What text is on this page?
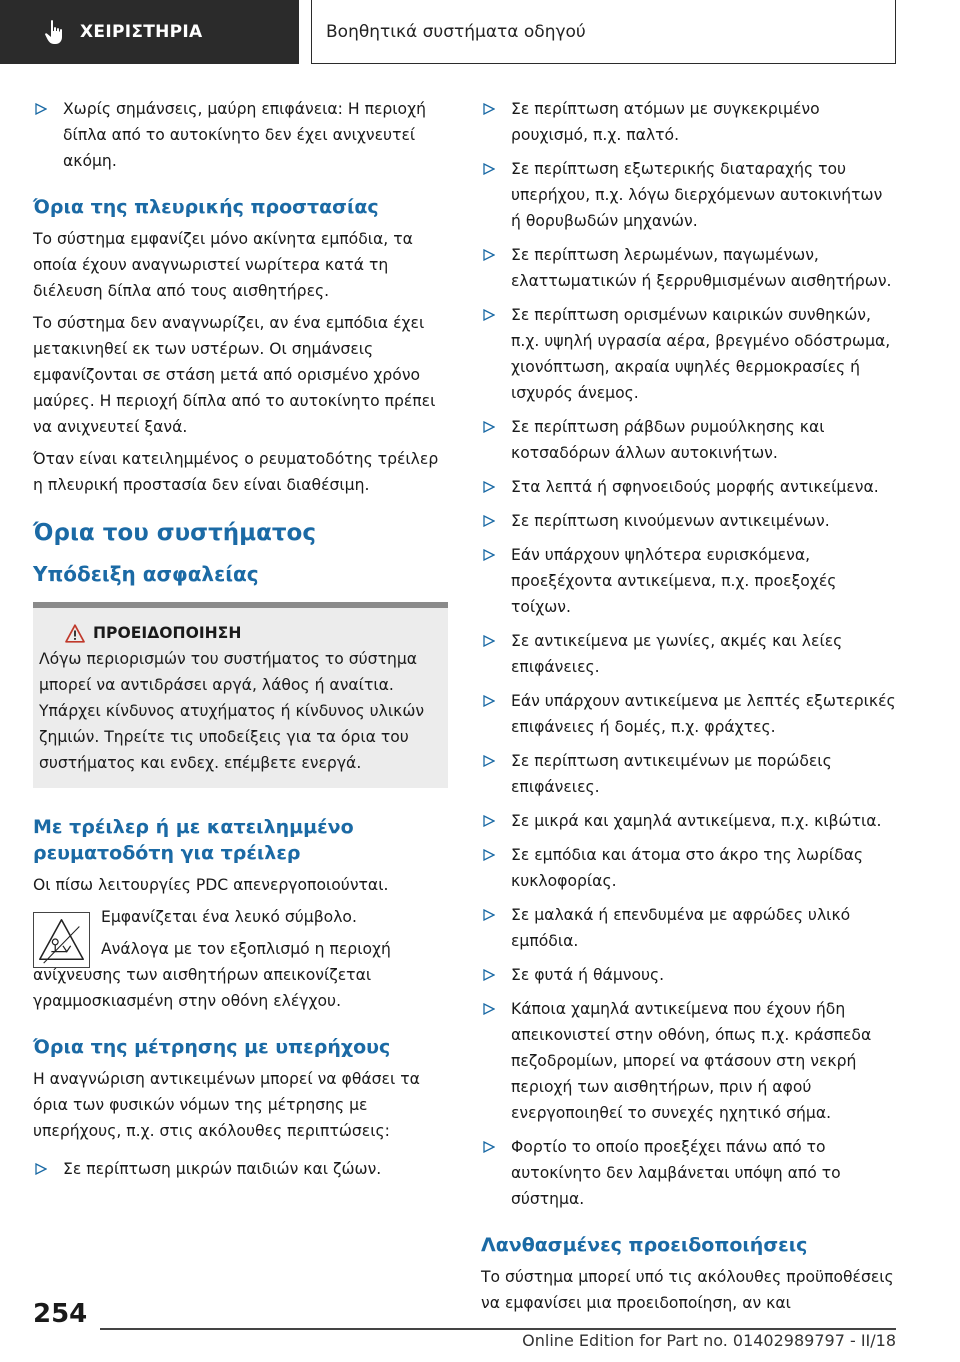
ΧΕΙΡΙΣΤΗΡΙΑ	Βοηθητικά συστήματα οδηγού
Χωρίς σημάνσεις, μαύρη επιφάνεια: Η περιοχή δίπλα από το αυτοκίνητο δεν έχει ανιχνευτεί ακόμη.
Όρια της πλευρικής προστασίας

Το σύστημα εμφανίζει μόνο ακίνητα εμπόδια, τα οποία έχουν αναγνωριστεί νωρίτερα κατά τη διέλευση δίπλα από τους αισθητήρες.

Το σύστημα δεν αναγνωρίζει, αν ένα εμπόδια έχει μετακινηθεί εκ των υστέρων. Οι σημάνσεις εμφανίζονται σε στάση μετά από ορισμένο χρόνο μαύρες. Η περιοχή δίπλα από το αυτοκίνητο πρέπει να ανιχνευτεί ξανά.

Όταν είναι κατειλημμένος ο ρευματοδότης τρέιλερ η πλευρική προστασία δεν είναι διαθέσιμη.

Όρια του συστήματος
Υπόδειξη ασφαλείας
ΠΡΟΕΙΔΟΠΟΙΗΣΗ

Λόγω περιορισμών του συστήματος το σύστημα μπορεί να αντιδράσει αργά, λάθος ή αναίτια. Υπάρχει κίνδυνος ατυχήματος ή κίνδυνος υλικών ζημιών. Τηρείτε τις υποδείξεις για τα όρια του συστήματος και ενδεχ. επέμβετε ενεργά.

Με τρέιλερ ή με κατειλημμένο ρευματοδότη για τρέιλερ

Οι πίσω λειτουργίες PDC απενεργοποιούνται.

Εμφανίζεται ένα λευκό σύμβολο.

Ανάλογα με τον εξοπλισμό η περιοχή ανίχνευσης των αισθητήρων απεικονίζεται γραμμοσκιασμένη στην οθόνη ελέγχου.

Όρια της μέτρησης με υπερήχους

Η αναγνώριση αντικειμένων μπορεί να φθάσει τα όρια των φυσικών νόμων της μέτρησης με υπερήχους, π.χ. στις ακόλουθες περιπτώσεις:

Σε περίπτωση μικρών παιδιών και ζώων.
Σε περίπτωση ατόμων με συγκεκριμένο ρουχισμό, π.χ. παλτό.
Σε περίπτωση εξωτερικής διαταραχής του υπερήχου, π.χ. λόγω διερχόμενων αυτοκινήτων ή θορυβωδών μηχανών.
Σε περίπτωση λερωμένων, παγωμένων, ελαττωματικών ή ξερρυθμισμένων αισθητήρων.
Σε περίπτωση ορισμένων καιρικών συνθηκών, π.χ. υψηλή υγρασία αέρα, βρεγμένο οδόστρωμα, χιονόπτωση, ακραία υψηλές θερμοκρασίες ή ισχυρός άνεμος.
Σε περίπτωση ράβδων ρυμούλκησης και κοτσαδόρων άλλων αυτοκινήτων.
Στα λεπτά ή σφηνοειδούς μορφής αντικείμενα.
Σε περίπτωση κινούμενων αντικειμένων.
Εάν υπάρχουν ψηλότερα ευρισκόμενα, προεξέχοντα αντικείμενα, π.χ. προεξοχές τοίχων.
Σε αντικείμενα με γωνίες, ακμές και λείες επιφάνειες.
Εάν υπάρχουν αντικείμενα με λεπτές εξωτερικές επιφάνειες ή δομές, π.χ. φράχτες.
Σε περίπτωση αντικειμένων με πορώδεις επιφάνειες.
Σε μικρά και χαμηλά αντικείμενα, π.χ. κιβώτια.
Σε εμπόδια και άτομα στο άκρο της λωρίδας κυκλοφορίας.
Σε μαλακά ή επενδυμένα με αφρώδες υλικό εμπόδια.
Σε φυτά ή θάμνους.
Κάποια χαμηλά αντικείμενα που έχουν ήδη απεικονιστεί στην οθόνη, όπως π.χ. κράσπεδα πεζοδρομίων, μπορεί να φτάσουν στη νεκρή περιοχή των αισθητήρων, πριν ή αφού ενεργοποιηθεί το συνεχές ηχητικό σήμα.
Φορτίο το οποίο προεξέχει πάνω από το αυτοκίνητο δεν λαμβάνεται υπόψη από το σύστημα.
Λανθασμένες προειδοποιήσεις

Το σύστημα μπορεί υπό τις ακόλουθες προϋποθέσεις να εμφανίσει μια προειδοποίηση, αν και

254
Online Edition for Part no. 01402989797 - II/18
